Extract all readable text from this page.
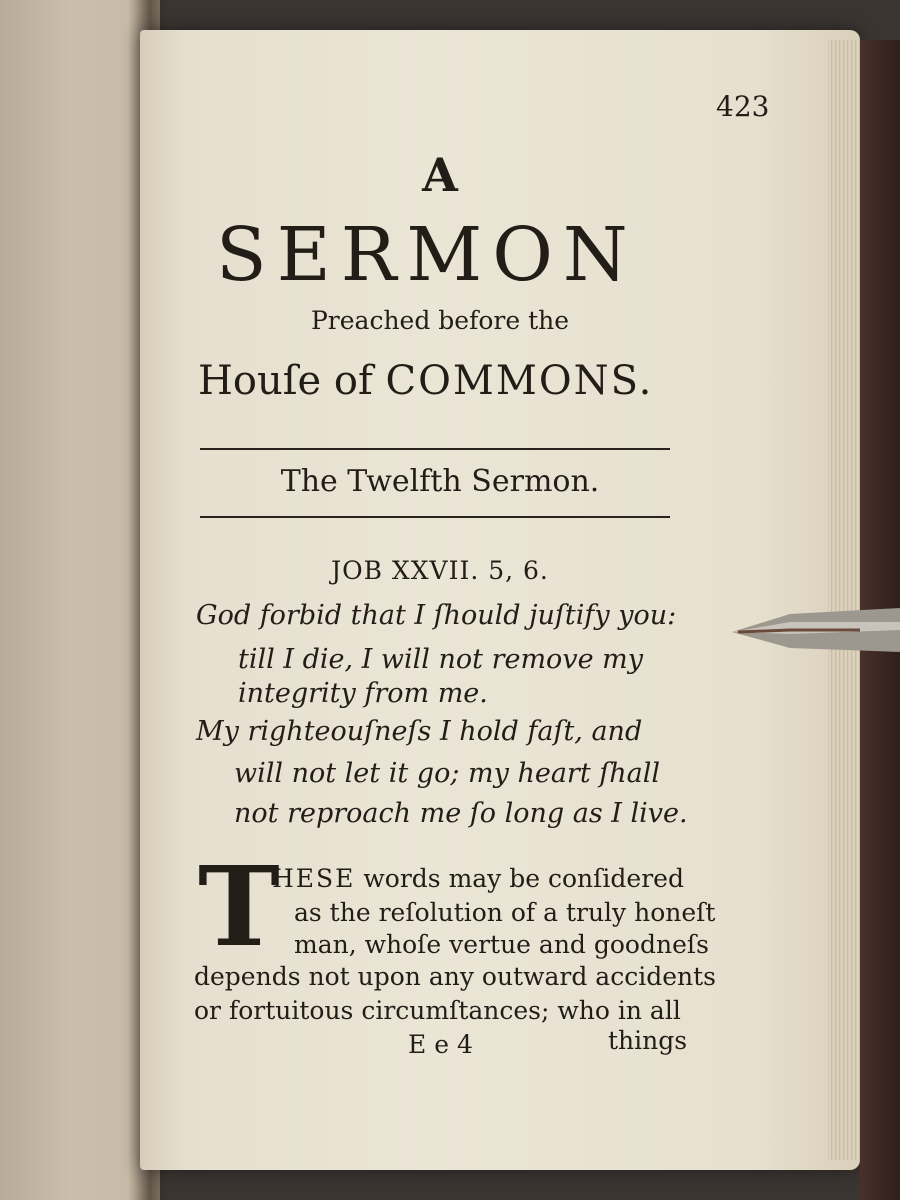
423
A
SERMON
Preached before the
Houſe of COMMONS.
The Twelfth Sermon.
JOB XXVII. 5, 6.
God forbid that I ſhould juſtify you:
till I die, I will not remove my
integrity from me.
My righteouſneſs I hold faſt, and
will not let it go; my heart ſhall
not reproach me ſo long as I live.
T
HESE words may be conſidered
as the reſolution of a truly honeſt
man, whoſe vertue and goodneſs
depends not upon any outward accidents
or fortuitous circumſtances; who in all
E e 4	things
